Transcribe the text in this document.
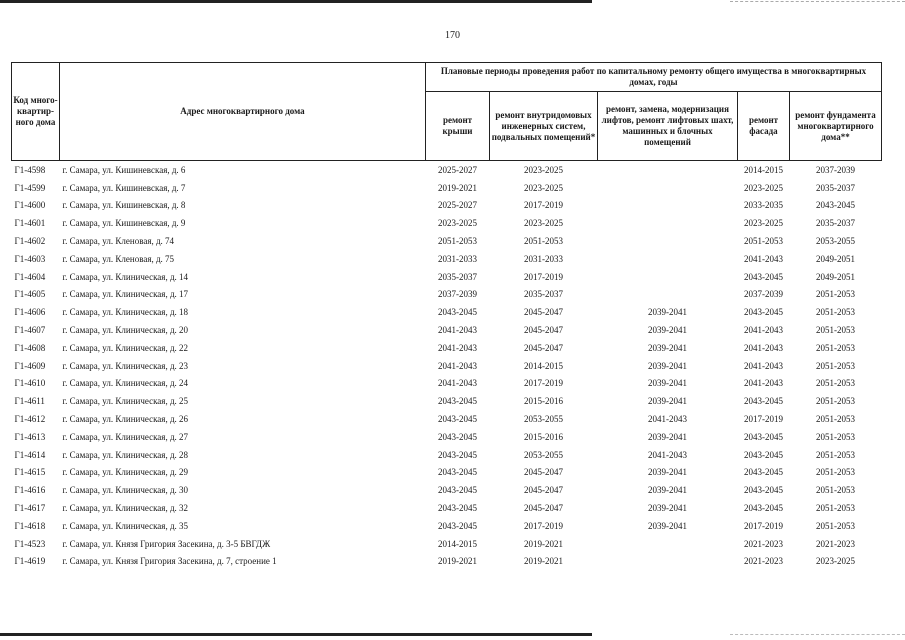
170
Код много-квартир-ного дома	Адрес многоквартирного дома	Плановые периоды проведения работ по капитальному ремонту общего имущества в многоквартирных домах, годы				
		ремонт крыши	ремонт внутридомовых инженерных систем, подвальных помещений*	ремонт, замена, модернизация лифтов, ремонт лифтовых шахт, машинных и блочных помещений	ремонт фасада	ремонт фундамента многоквартирного дома**
Г1-4598	г. Самара, ул. Кишиневская, д. 6	2025-2027	2023-2025		2014-2015	2037-2039
Г1-4599	г. Самара, ул. Кишиневская, д. 7	2019-2021	2023-2025		2023-2025	2035-2037
Г1-4600	г. Самара, ул. Кишиневская, д. 8	2025-2027	2017-2019		2033-2035	2043-2045
Г1-4601	г. Самара, ул. Кишиневская, д. 9	2023-2025	2023-2025		2023-2025	2035-2037
Г1-4602	г. Самара, ул. Кленовая, д. 74	2051-2053	2051-2053		2051-2053	2053-2055
Г1-4603	г. Самара, ул. Кленовая, д. 75	2031-2033	2031-2033		2041-2043	2049-2051
Г1-4604	г. Самара, ул. Клиническая, д. 14	2035-2037	2017-2019		2043-2045	2049-2051
Г1-4605	г. Самара, ул. Клиническая, д. 17	2037-2039	2035-2037		2037-2039	2051-2053
Г1-4606	г. Самара, ул. Клиническая, д. 18	2043-2045	2045-2047	2039-2041	2043-2045	2051-2053
Г1-4607	г. Самара, ул. Клиническая, д. 20	2041-2043	2045-2047	2039-2041	2041-2043	2051-2053
Г1-4608	г. Самара, ул. Клиническая, д. 22	2041-2043	2045-2047	2039-2041	2041-2043	2051-2053
Г1-4609	г. Самара, ул. Клиническая, д. 23	2041-2043	2014-2015	2039-2041	2041-2043	2051-2053
Г1-4610	г. Самара, ул. Клиническая, д. 24	2041-2043	2017-2019	2039-2041	2041-2043	2051-2053
Г1-4611	г. Самара, ул. Клиническая, д. 25	2043-2045	2015-2016	2039-2041	2043-2045	2051-2053
Г1-4612	г. Самара, ул. Клиническая, д. 26	2043-2045	2053-2055	2041-2043	2017-2019	2051-2053
Г1-4613	г. Самара, ул. Клиническая, д. 27	2043-2045	2015-2016	2039-2041	2043-2045	2051-2053
Г1-4614	г. Самара, ул. Клиническая, д. 28	2043-2045	2053-2055	2041-2043	2043-2045	2051-2053
Г1-4615	г. Самара, ул. Клиническая, д. 29	2043-2045	2045-2047	2039-2041	2043-2045	2051-2053
Г1-4616	г. Самара, ул. Клиническая, д. 30	2043-2045	2045-2047	2039-2041	2043-2045	2051-2053
Г1-4617	г. Самара, ул. Клиническая, д. 32	2043-2045	2045-2047	2039-2041	2043-2045	2051-2053
Г1-4618	г. Самара, ул. Клиническая, д. 35	2043-2045	2017-2019	2039-2041	2017-2019	2051-2053
Г1-4523	г. Самара, ул. Князя Григория Засекина, д. 3-5 БВГДЖ	2014-2015	2019-2021		2021-2023	2021-2023
Г1-4619	г. Самара, ул. Князя Григория Засекина, д. 7, строение 1	2019-2021	2019-2021		2021-2023	2023-2025
